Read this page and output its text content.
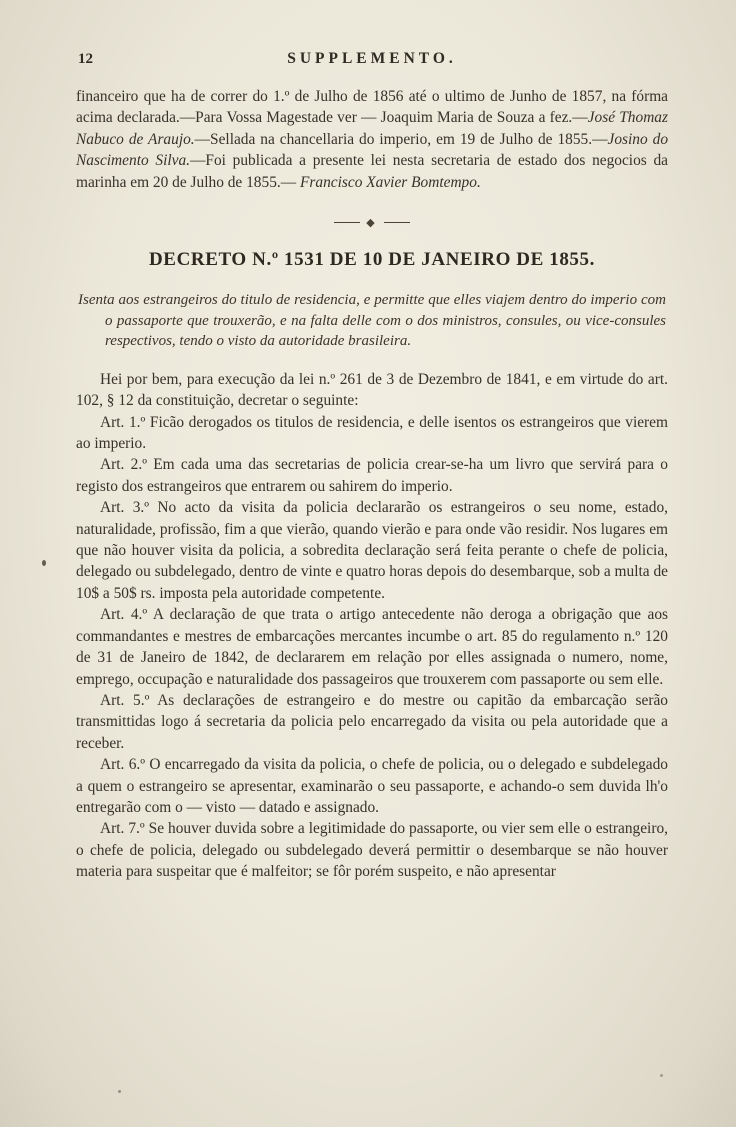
12	SUPPLEMENTO.

financeiro que ha de correr do 1.º de Julho de 1856 até o ultimo de Junho de 1857, na fórma acima declarada.—Para Vossa Magestade ver — Joaquim Maria de Souza a fez.—José Thomaz Nabuco de Araujo.—Sellada na chancellaria do imperio, em 19 de Julho de 1855.—Josino do Nascimento Silva.—Foi publicada a presente lei nesta secretaria de estado dos negocios da marinha em 20 de Julho de 1855.— Francisco Xavier Bomtempo.

◆
DECRETO N.º 1531 DE 10 DE JANEIRO DE 1855.

Isenta aos estrangeiros do titulo de residencia, e permitte que elles viajem dentro do imperio com o passaporte que trouxerão, e na falta delle com o dos ministros, consules, ou vice-consules respectivos, tendo o visto da autoridade brasileira.

Hei por bem, para execução da lei n.º 261 de 3 de Dezembro de 1841, e em virtude do art. 102, § 12 da constituição, decretar o seguinte:

Art. 1.º Ficão derogados os titulos de residencia, e delle isentos os estrangeiros que vierem ao imperio.

Art. 2.º Em cada uma das secretarias de policia crear-se-ha um livro que servirá para o registo dos estrangeiros que entrarem ou sahirem do imperio.

Art. 3.º No acto da visita da policia declararão os estrangeiros o seu nome, estado, naturalidade, profissão, fim a que vierão, quando vierão e para onde vão residir. Nos lugares em que não houver visita da policia, a sobredita declaração será feita perante o chefe de policia, delegado ou subdelegado, dentro de vinte e quatro horas depois do desembarque, sob a multa de 10$ a 50$ rs. imposta pela autoridade competente.

Art. 4.º A declaração de que trata o artigo antecedente não deroga a obrigação que aos commandantes e mestres de embarcações mercantes incumbe o art. 85 do regulamento n.º 120 de 31 de Janeiro de 1842, de declararem em relação por elles assignada o numero, nome, emprego, occupação e naturalidade dos passageiros que trouxerem com passaporte ou sem elle.

Art. 5.º As declarações de estrangeiro e do mestre ou capitão da embarcação serão transmittidas logo á secretaria da policia pelo encarregado da visita ou pela autoridade que a receber.

Art. 6.º O encarregado da visita da policia, o chefe de policia, ou o delegado e subdelegado a quem o estrangeiro se apresentar, examinarão o seu passaporte, e achando-o sem duvida lh'o entregarão com o — visto — datado e assignado.

Art. 7.º Se houver duvida sobre a legitimidade do passaporte, ou vier sem elle o estrangeiro, o chefe de policia, delegado ou subdelegado deverá permittir o desembarque se não houver materia para suspeitar que é malfeitor; se fôr porém suspeito, e não apresentar
